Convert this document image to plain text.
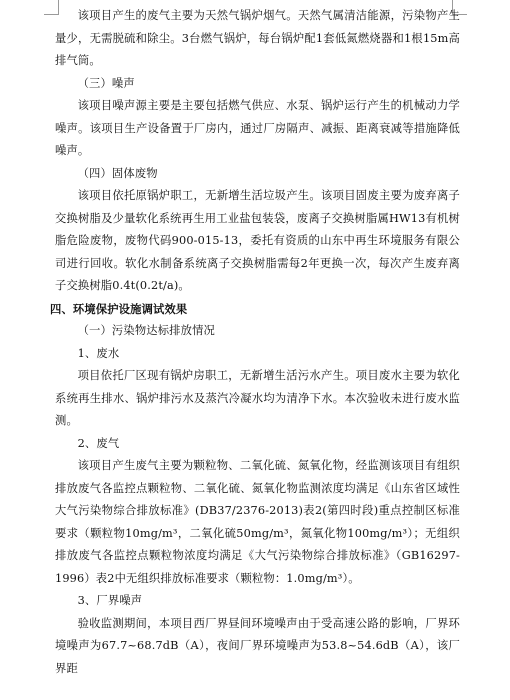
该项目产生的废气主要为天然气锅炉烟气。天然气属清洁能源，污染物产生量少，无需脱硫和除尘。3台燃气锅炉，每台锅炉配1套低氮燃烧器和1根15m高排气筒。

（三）噪声

该项目噪声源主要是主要包括燃气供应、水泵、锅炉运行产生的机械动力学噪声。该项目生产设备置于厂房内，通过厂房隔声、减振、距离衰减等措施降低噪声。

（四）固体废物

该项目依托原锅炉职工，无新增生活垃圾产生。该项目固废主要为废弃离子交换树脂及少量软化系统再生用工业盐包装袋，废离子交换树脂属HW13有机树脂危险废物，废物代码900-015-13，委托有资质的山东中再生环境服务有限公司进行回收。软化水制备系统离子交换树脂需每2年更换一次，每次产生废弃离子交换树脂0.4t(0.2t/a)。

四、环境保护设施调试效果

（一）污染物达标排放情况

1、废水

项目依托厂区现有锅炉房职工，无新增生活污水产生。项目废水主要为软化系统再生排水、锅炉排污水及蒸汽冷凝水均为清净下水。本次验收未进行废水监测。

2、废气

该项目产生废气主要为颗粒物、二氧化硫、氮氧化物，经监测该项目有组织排放废气各监控点颗粒物、二氧化硫、氮氧化物监测浓度均满足《山东省区域性大气污染物综合排放标准》(DB37/2376-2013)表2(第四时段)重点控制区标准要求（颗粒物10mg/m³，二氧化硫50mg/m³，氮氧化物100mg/m³）；无组织排放废气各监控点颗粒物浓度均满足《大气污染物综合排放标准》（GB16297-1996）表2中无组织排放标准要求（颗粒物：1.0mg/m³）。

3、厂界噪声

验收监测期间，本项目西厂界昼间环境噪声由于受高速公路的影响，厂界环境噪声为67.7~68.7dB（A），夜间厂界环境噪声为53.8~54.6dB（A），该厂界距
